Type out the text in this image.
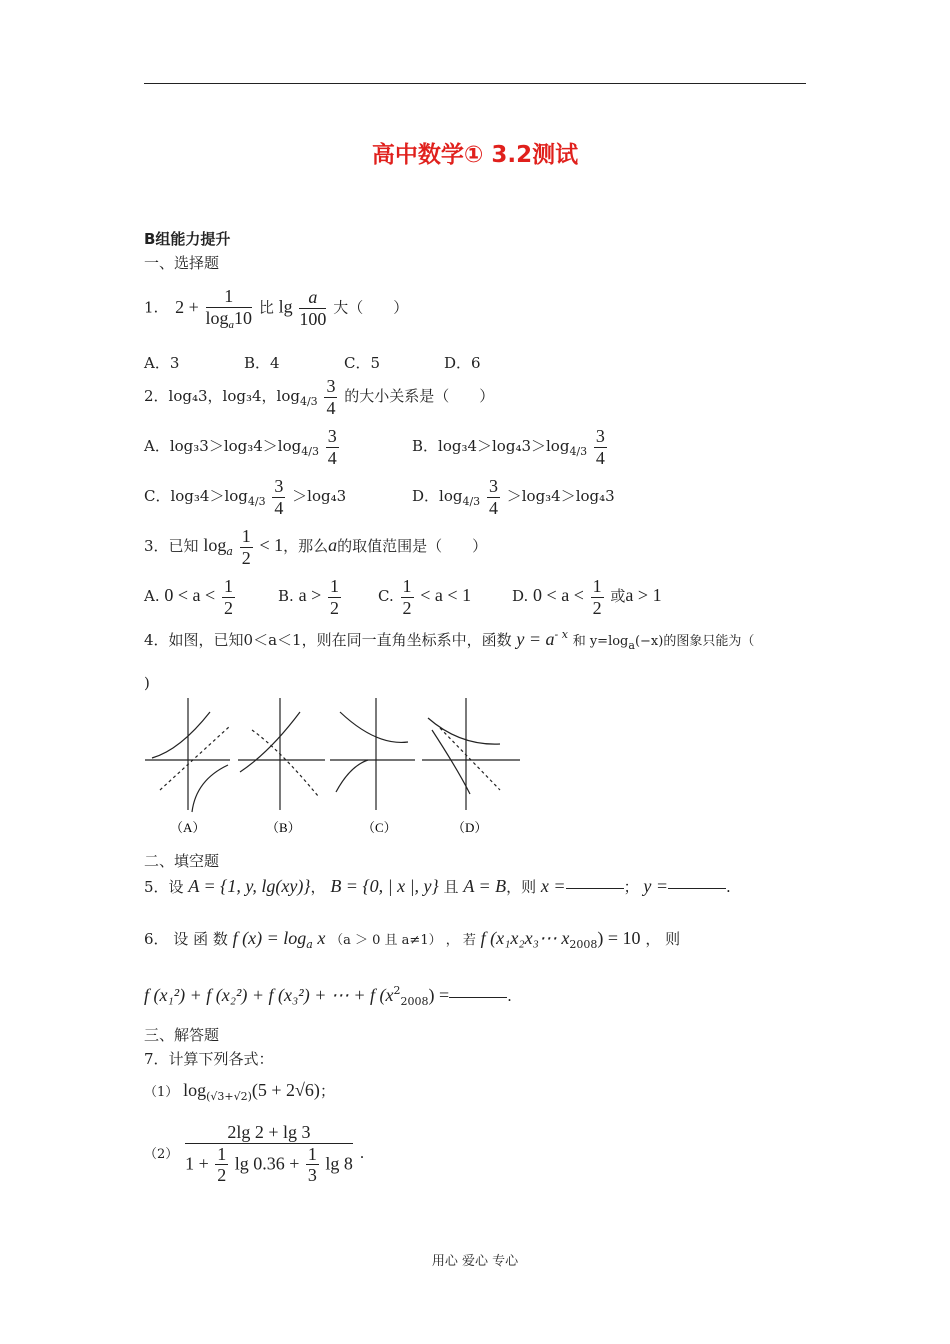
高中数学① 3.2测试
B组能力提升
一、选择题
1. $2 + \frac{1}{\log_a10}$ 比 $\lg \frac{a}{100}$ 大（　　）
A．3	B．4	C．5	D．6
2．log₄3，log₃4，$\log_{4/3} \frac{3}{4}$ 的大小关系是（　　）
A．$\log_33>\log_34>\log_{4/3} \frac{3}{4}$	B．$\log_34>\log_43>\log_{4/3} \frac{3}{4}$
C．$\log_34>\log_{4/3} \frac{3}{4} >\log_43$	D．$\log_{4/3} \frac{3}{4} >\log_34>\log_43$
3．已知 $\log_a \frac{1}{2} < 1$，那么a的取值范围是（　　）
A. $0 < a < \frac{1}{2}$	B. $a > \frac{1}{2} C$. $\frac{1}{2} < a < 1$	D. $0 < a < \frac{1}{2}$ 或a > 1
4．如图，已知0＜a＜1，则在同一直角坐标系中，函数 $y = a^{- x}$ 和 $y=\log_a(-x)$的图象只能为（
)
（A）	（B）	（C）	（D）
二、填空题
5．设 A = {1, y, lg(xy)}， B = {0, | x |, y} 且 A = B，则 x =	； y =	.
6． 设 函 数 f $(x) = \log_a x$ （a ＞ 0 且 a≠1） ， 若 f (x₁x₂x₃⋯ $x_{2008}) = 10$ ， 则
f (x₁²) + f (x₂²) + f (x₃²) + ⋯ + f $(x^2_{2008})$ =	.
三、解答题
7．计算下列各式：
（1） $\log_{(√3+√2)}(5 + 2√6)$；
$(2) \frac{2\lg 2 + \lg 3}{1 + \frac{1}{2} \lg 0.36 + \frac{1}{3} \lg 8}$ .
用心 爱心 专心
